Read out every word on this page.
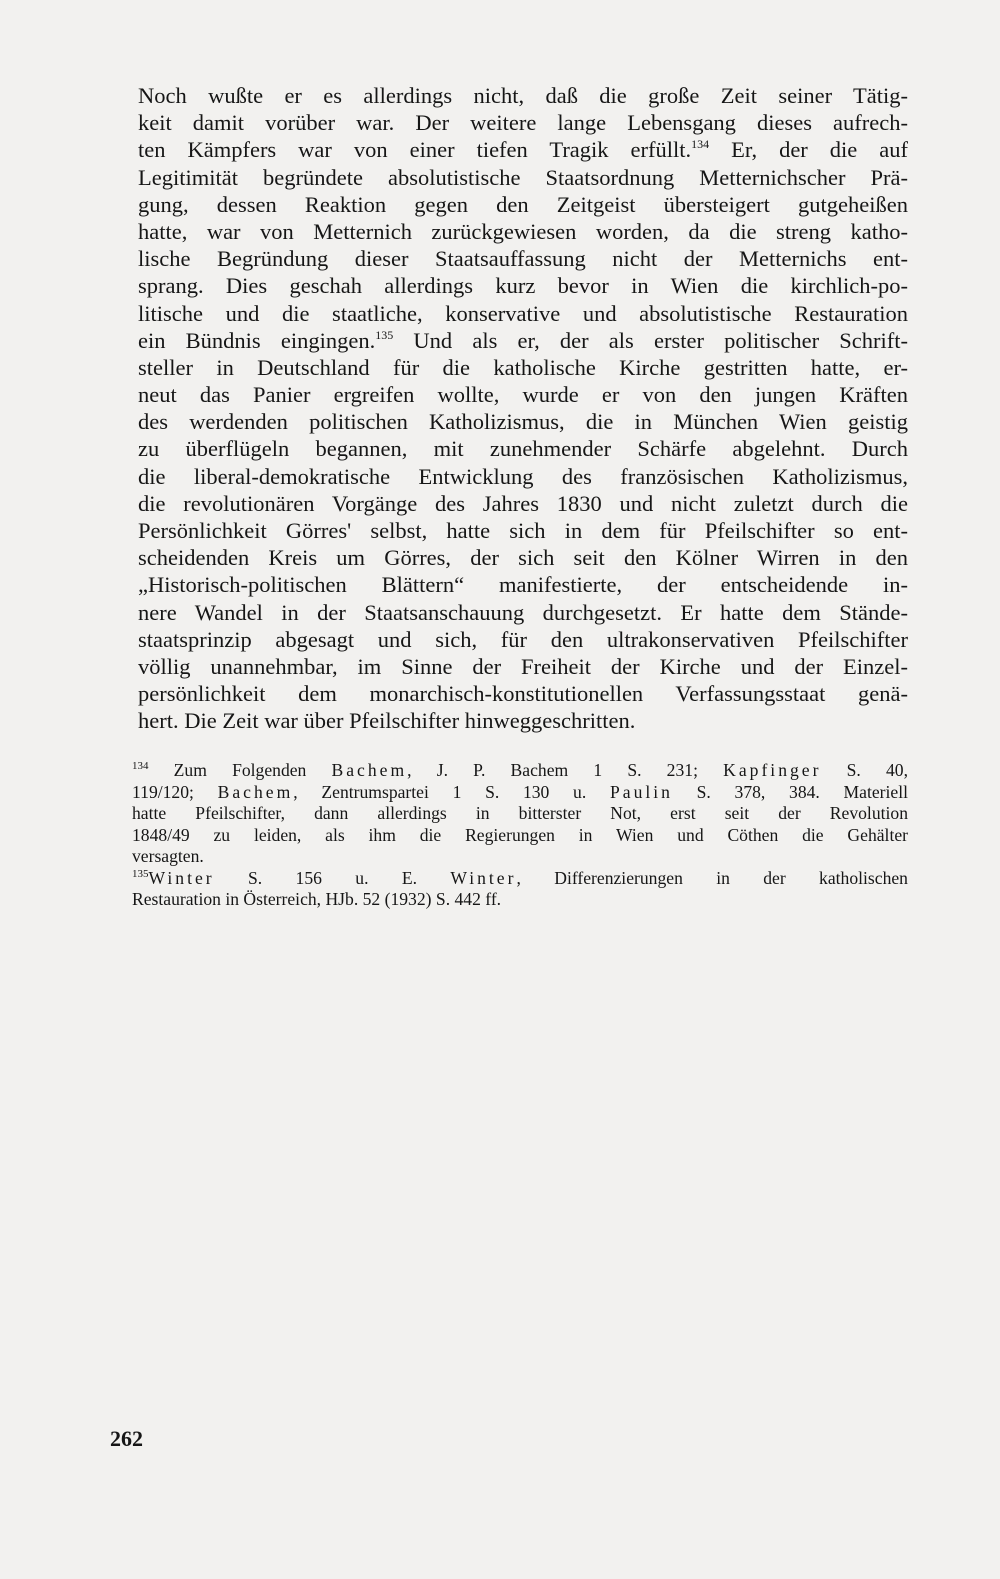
Noch wußte er es allerdings nicht, daß die große Zeit seiner Tätig-
keit damit vorüber war. Der weitere lange Lebensgang dieses aufrech-
ten Kämpfers war von einer tiefen Tragik erfüllt.$^{134}$ Er, der die auf
Legitimität begründete absolutistische Staatsordnung Metternichscher Prä-
gung, dessen Reaktion gegen den Zeitgeist übersteigert gutgeheißen
hatte, war von Metternich zurückgewiesen worden, da die streng katho-
lische Begründung dieser Staatsauffassung nicht der Metternichs ent-
sprang. Dies geschah allerdings kurz bevor in Wien die kirchlich-po-
litische und die staatliche, konservative und absolutistische Restauration
ein Bündnis eingingen.$^{135}$ Und als er, der als erster politischer Schrift-
steller in Deutschland für die katholische Kirche gestritten hatte, er-
neut das Panier ergreifen wollte, wurde er von den jungen Kräften
des werdenden politischen Katholizismus, die in München Wien geistig
zu überflügeln begannen, mit zunehmender Schärfe abgelehnt. Durch
die liberal-demokratische Entwicklung des französischen Katholizismus,
die revolutionären Vorgänge des Jahres 1830 und nicht zuletzt durch die
Persönlichkeit Görres' selbst, hatte sich in dem für Pfeilschifter so ent-
scheidenden Kreis um Görres, der sich seit den Kölner Wirren in den
„Historisch-politischen Blättern“ manifestierte, der entscheidende in-
nere Wandel in der Staatsanschauung durchgesetzt. Er hatte dem Stände-
staatsprinzip abgesagt und sich, für den ultrakonservativen Pfeilschifter
völlig unannehmbar, im Sinne der Freiheit der Kirche und der Einzel-
persönlichkeit dem monarchisch-konstitutionellen Verfassungsstaat genä-
hert. Die Zeit war über Pfeilschifter hinweggeschritten.
$^{134}$ Zum Folgenden Bachem, J. P. Bachem 1 S. 231; Kapfinger S. 40,
119/120; Bachem, Zentrumspartei 1 S. 130 u. Paulin S. 378, 384. Materiell
hatte Pfeilschifter, dann allerdings in bitterster Not, erst seit der Revolution
1848/49 zu leiden, als ihm die Regierungen in Wien und Cöthen die Gehälter
versagten.
$^{135}$Winter S. 156 u. E. Winter, Differenzierungen in der katholischen
Restauration in Österreich, HJb. 52 (1932) S. 442 ff.
262
